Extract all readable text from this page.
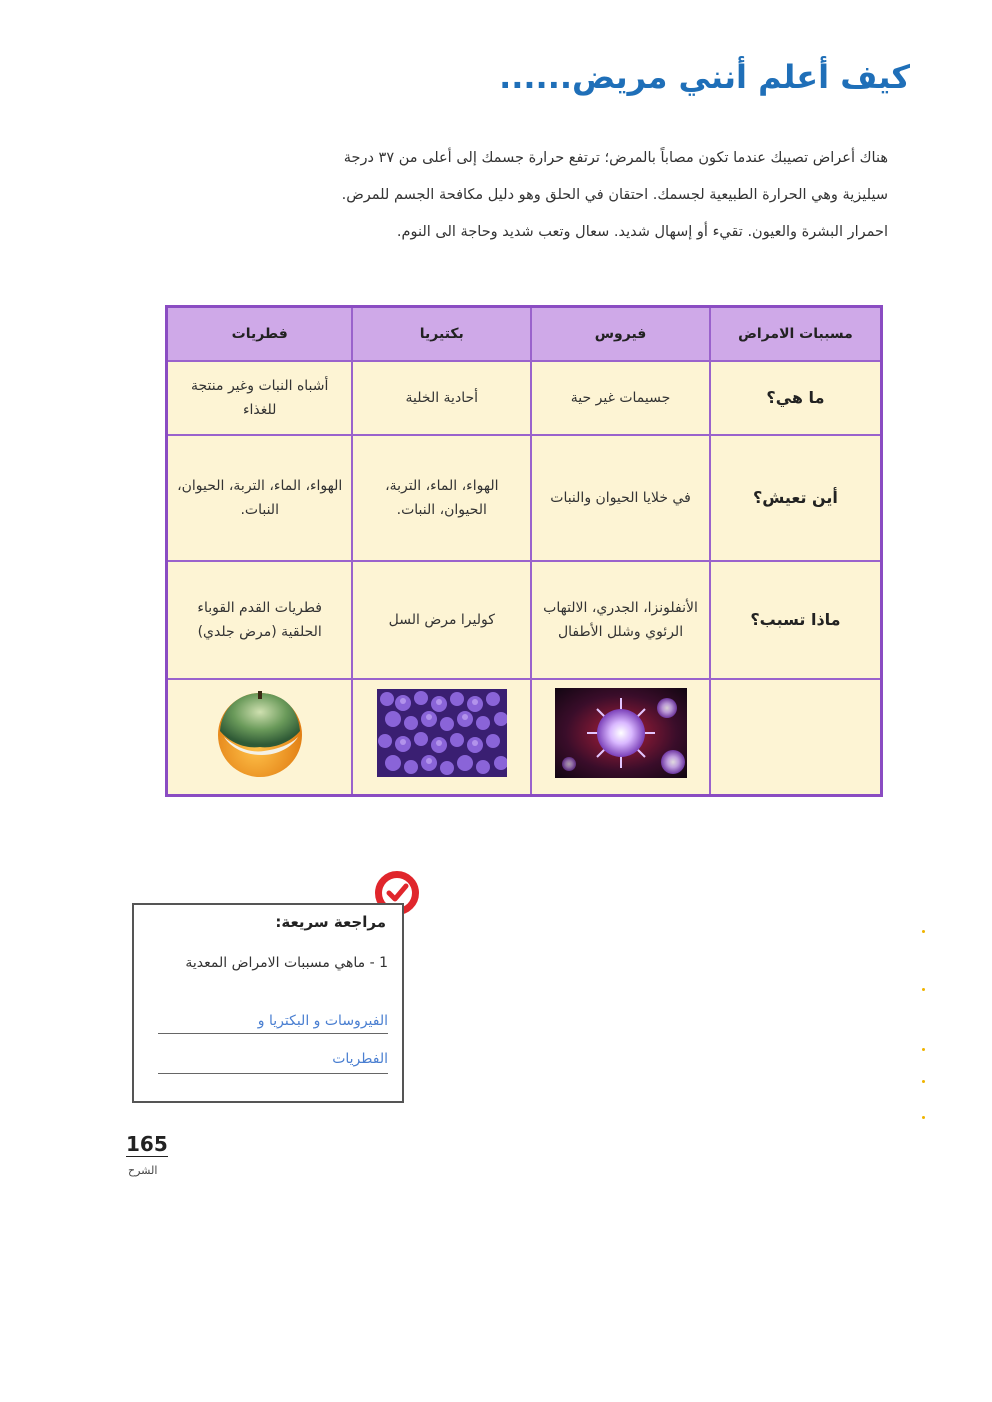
كيف أعلم أنني مريض......

هناك أعراض تصيبك عندما تكون مصاباً بالمرض؛ ترتفع حرارة جسمك إلى أعلى من ٣٧ درجة

سيليزية وهي الحرارة الطبيعية لجسمك. احتقان في الحلق وهو دليل مكافحة الجسم للمرض.

احمرار البشرة والعيون. تقيء أو إسهال شديد. سعال وتعب شديد وحاجة الى النوم.

مسببات الامراض	فيروس	بكتيريا	فطريات
ما هي؟	جسيمات غير حية	أحادية الخلية	أشباه النبات وغير منتجة للغذاء
أين تعيش؟	في خلايا الحيوان والنبات	الهواء، الماء، التربة، الحيوان، النبات.	الهواء، الماء، التربة، الحيوان، النبات.
ماذا تسبب؟	الأنفلونزا، الجدري، الالتهاب الرئوي وشلل الأطفال	كوليرا مرض السل	فطريات القدم القوباء الحلقية (مرض جلدي)

مراجعة سريعة:
1 - ماهي مسببات الامراض المعدية
الفيروسات و البكتريا و
الفطريات
165
الشرح
